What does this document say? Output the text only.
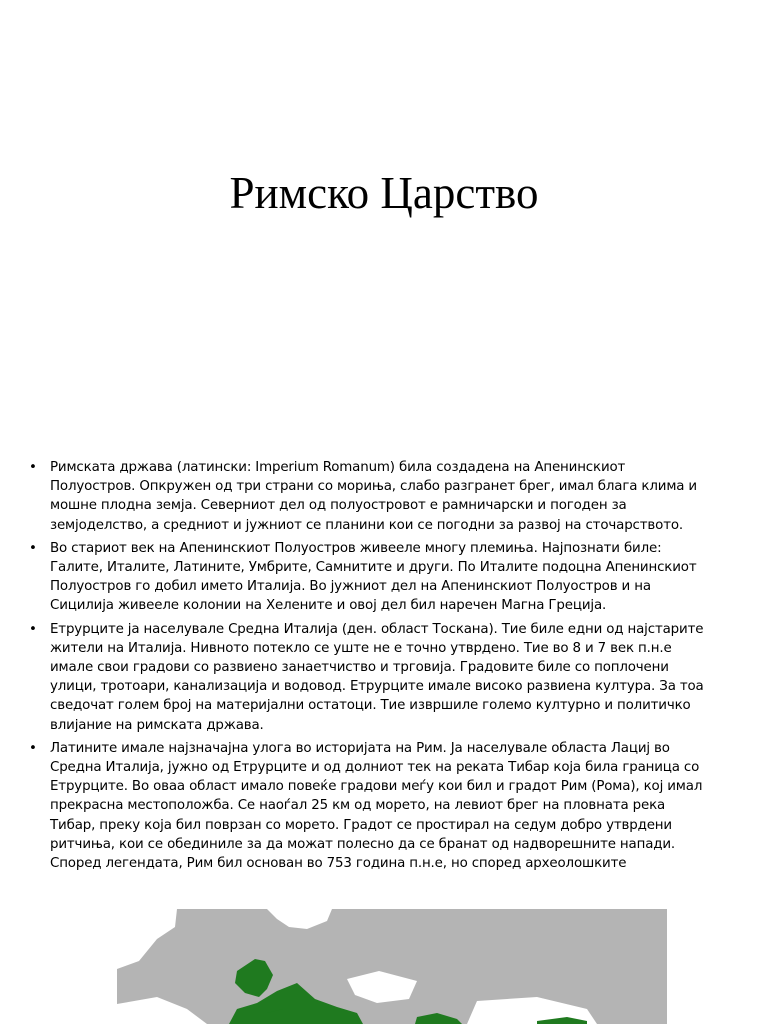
Римско Царство
• Римската држава (латински: Imperium Romanum) била создадена на Апенинскиот Полуостров. Опкружен од три страни со морињa, слабо разгранет брег, имал блага клима и мошне плодна земја. Северниот дел од полуостровот е рамничарски и погоден за земјоделство, а средниот и јужниот се планини кои се погодни за развој на сточарството.
• Во стариот век на Апенинскиот Полуостров живееле многу племиња. Најпознати биле: Галите, Италите, Латините, Умбрите, Самнитите и други. По Италите подоцна Апенинскиот Полуостров го добил името Италија. Во јужниот дел на Апенинскиот Полуостров и на Сицилија живееле колонии на Хелените и овој дел бил наречен Магна Грециja.
• Етрурците ја населувале Средна Италија (ден. област Тоскана). Тие биле едни од најстарите жители на Италија. Нивното потекло се уште не е точно утврдено. Тие во 8 и 7 век п.н.е имале свои градови со развиено занаетчиство и трговија. Градовите биле со поплочени улици, тротоари, канализација и водовод. Етрурците имале високо развиена култура. За тоа сведочат голем број на материјални остатоци. Тие извршиле големо културно и политичко влијание на римската држава.
• Латините имале најзначајна улога во историјата на Рим. Ја населувале областа Лациј во Средна Италија, јужно од Етрурците и од долниот тек на реката Тибар која била граница со Етрурците. Во оваа област имало повеќе градови меѓу кои бил и градот Рим (Рома), кој имал прекрасна местоположба. Се наоѓал 25 км од морето, на левиот брег на пловната река Тибар, преку која бил поврзан со морето. Градот се простирал на седум добро утврдени ритчиња, кои се обединиле за да можат полесно да се бранат од надворешните напади. Според легендата, Рим бил основан во 753 година п.н.е, но според археолошките
